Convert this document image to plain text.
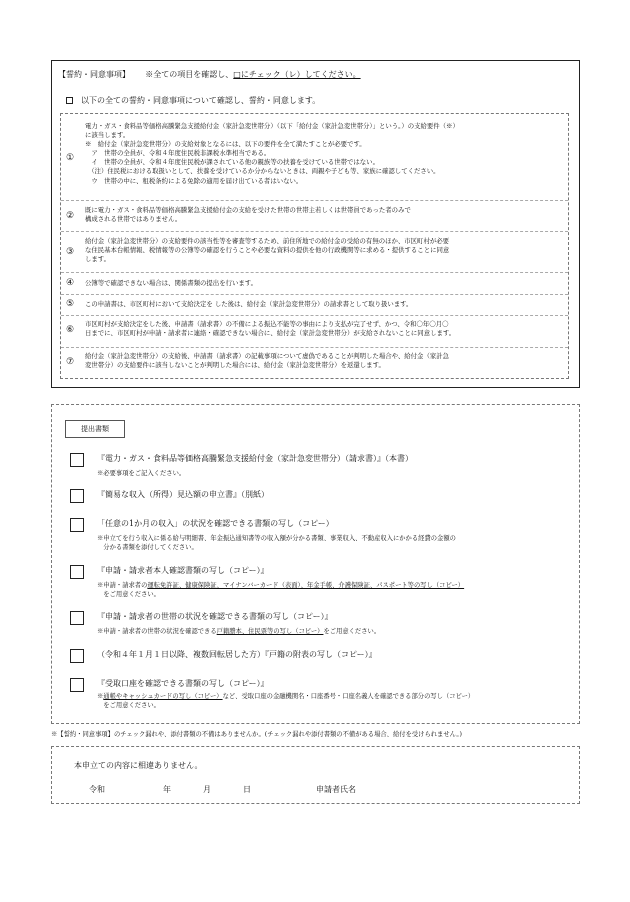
【誓約・同意事項】 ※全ての項目を確認し、□にチェック（レ）してください。
以下の全ての誓約・同意事項について確認し、誓約・同意します。
①

電力・ガス・食料品等価格高騰緊急支援給付金（家計急変世帯分）（以下「給付金（家計急変世帯分）」という。）の支給要件（※）

に該当します。

※　給付金（家計急変世帯分）の支給対象となるには、以下の要件を全て満たすことが必要です。

　ア　世帯の全員が、令和４年度住民税非課税水準相当である。

　イ　世帯の全員が、令和４年度住民税が課されている他の親族等の扶養を受けている世帯ではない。

　（注）住民税における取扱いとして、扶養を受けているか分からないときは、両親や子ども等、家族に確認してください。

　ウ　世帯の中に、租税条約による免除の適用を届け出ている者はいない。

②

既に電力・ガス・食料品等価格高騰緊急支援給付金の支給を受けた世帯の世帯主若しくは世帯員であった者のみで

構成される世帯ではありません。

③

給付金（家計急変世帯分）の支給要件の該当性等を審査等するため、前住所地での給付金の受給の有無のほか、市区町村が必要

な住民基本台帳情報、税情報等の公簿等の確認を行うことや必要な資料の提供を他の行政機関等に求める・提供することに同意

します。

④	公簿等で確認できない場合は、関係書類の提出を行います。

⑤	この申請書は、市区町村において支給決定を した後は、給付金（家計急変世帯分）の請求書として取り扱います。

⑥

市区町村が支給決定をした後、申請書（請求書）の不備による振込不能等の事由により支払が完了せず、かつ、令和〇年〇月〇

日までに、市区町村が申請・請求者に連絡・確認できない場合に、給付金（家計急変世帯分）が支給されないことに同意します。

⑦

給付金（家計急変世帯分）の支給後、申請書（請求書）の記載事項について虚偽であることが判明した場合や、給付金（家計急

変世帯分）の支給要件に該当しないことが判明した場合には、給付金（家計急変世帯分）を返還します。

提出書類
『電力・ガス・食料品等価格高騰緊急支援給付金（家計急変世帯分）（請求書）』（本書）
※必要事項をご記入ください。
『簡易な収入（所得）見込額の申立書』（別紙）
「任意の1か月の収入」の状況を確認できる書類の写し（コピー）
※申立てを行う収入に係る給与明細書、年金振込通知書等の収入額が分かる書類、事業収入、不動産収入にかかる経費の金額の
　分かる書類を添付してください。
『申請・請求者本人確認書類の写し（コピー）』
※申請・請求者の運転免許証、健康保険証、マイナンバーカード（表面）、年金手帳、介護保険証、パスポート等の写し（コピー）
　をご用意ください。
『申請・請求者の世帯の状況を確認できる書類の写し（コピー）』
※申請・請求者の世帯の状況を確認できる戸籍謄本、住民票等の写し（コピー）をご用意ください。
（令和４年１月１日以降、複数回転居した方）『戸籍の附表の写し（コピー）』
『受取口座を確認できる書類の写し（コピー）』
※通帳やキャッシュカードの写し（コピー）など、受取口座の金融機関名・口座番号・口座名義人を確認できる部分の写し（コピー）
　をご用意ください。
※【誓約・同意事項】のチェック漏れや、添付書類の不備はありませんか。(チェック漏れや添付書類の不備がある場合、給付を受けられません。)
本申立ての内容に相違ありません。
令和	年	月	日	申請者氏名
